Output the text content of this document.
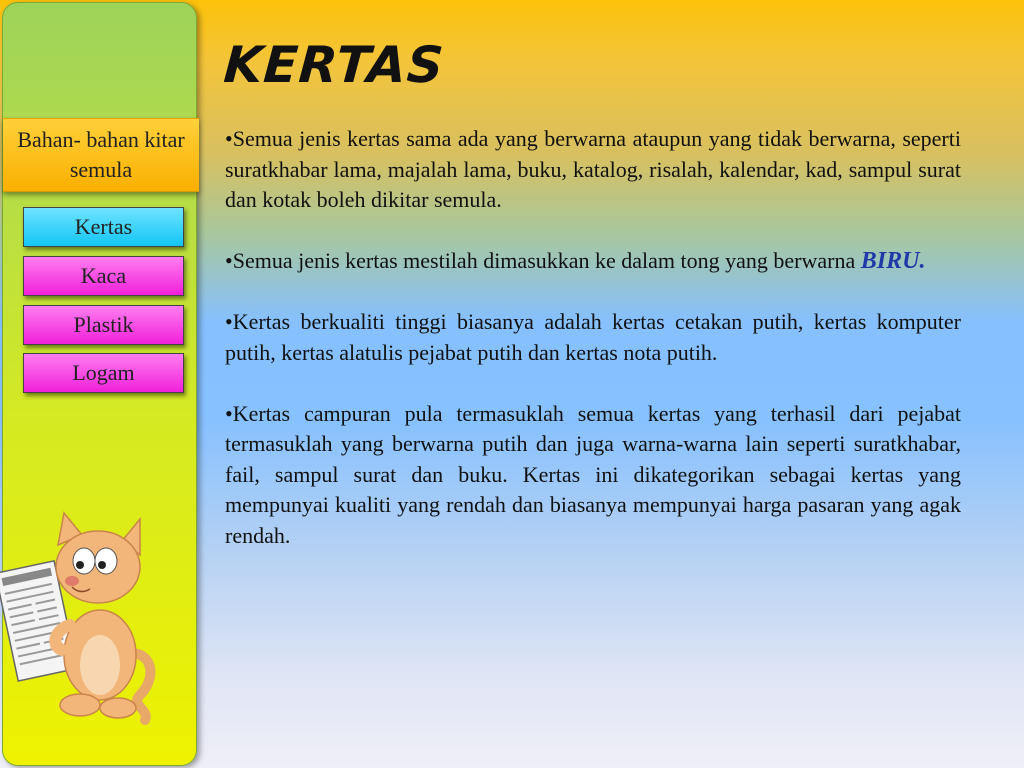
Bahan- bahan kitar semula
Kertas
Kaca
Plastik
Logam
KERTAS

•Semua jenis kertas sama ada yang berwarna ataupun yang tidak berwarna, seperti suratkhabar lama, majalah lama, buku, katalog, risalah, kalendar, kad, sampul surat dan kotak boleh dikitar semula.

•Semua jenis kertas mestilah dimasukkan ke dalam tong yang berwarna BIRU.

•Kertas berkualiti tinggi biasanya adalah kertas cetakan putih, kertas komputer putih, kertas alatulis pejabat putih dan kertas nota putih.

•Kertas campuran pula termasuklah semua kertas yang terhasil dari pejabat termasuklah yang berwarna putih dan juga warna-warna lain seperti suratkhabar, fail, sampul surat dan buku. Kertas ini dikategorikan sebagai kertas yang mempunyai kualiti yang rendah dan biasanya mempunyai harga pasaran yang agak rendah.
